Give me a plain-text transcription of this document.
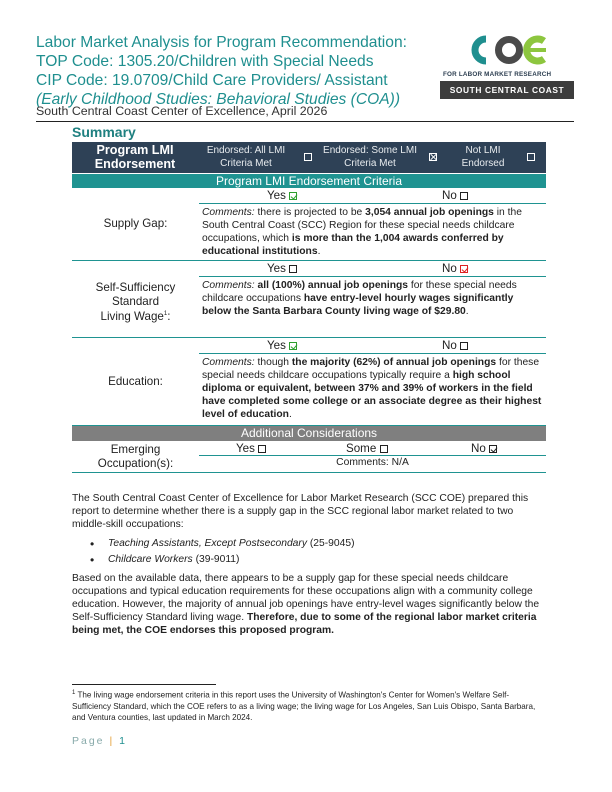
Labor Market Analysis for Program Recommendation:
TOP Code: 1305.20/Children with Special Needs
CIP Code: 19.0709/Child Care Providers/ Assistant
(Early Childhood Studies: Behavioral Studies (COA))
South Central Coast Center of Excellence, April 2026
FOR LABOR MARKET RESEARCH
SOUTH CENTRAL COAST
Summary
Program LMI Endorsement
Endorsed: All LMI Criteria Met
Endorsed: Some LMI Criteria Met
Not LMI Endorsed
Program LMI Endorsement Criteria
Supply Gap:
Yes	No
Comments: there is projected to be 3,054 annual job openings in the South Central Coast (SCC) Region for these special needs childcare occupations, which is more than the 1,004 awards conferred by educational institutions.
Self-Sufficiency
Standard
Living Wage$^1$:
Yes	No
Comments: all (100%) annual job openings for these special needs childcare occupations have entry-level hourly wages significantly below the Santa Barbara County living wage of $29.80.
Education:
Yes	No
Comments: though the majority (62%) of annual job openings for these special needs childcare occupations typically require a high school diploma or equivalent, between 37% and 39% of workers in the field have completed some college or an associate degree as their highest level of education.
Additional Considerations
Emerging
Occupation(s):
Yes	Some	No
Comments: N/A
The South Central Coast Center of Excellence for Labor Market Research (SCC COE) prepared this report to determine whether there is a supply gap in the SCC regional labor market related to two middle-skill occupations:
• Teaching Assistants, Except Postsecondary (25-9045)
• Childcare Workers (39-9011)
Based on the available data, there appears to be a supply gap for these special needs childcare occupations and typical education requirements for these occupations align with a community college education. However, the majority of annual job openings have entry-level wages significantly below the Self-Sufficiency Standard living wage. Therefore, due to some of the regional labor market criteria being met, the COE endorses this proposed program.
$^1$ The living wage endorsement criteria in this report uses the University of Washington's Center for Women's Welfare Self-Sufficiency Standard, which the COE refers to as a living wage; the living wage for Los Angeles, San Luis Obispo, Santa Barbara, and Ventura counties, last updated in March 2024.
Page | 1
